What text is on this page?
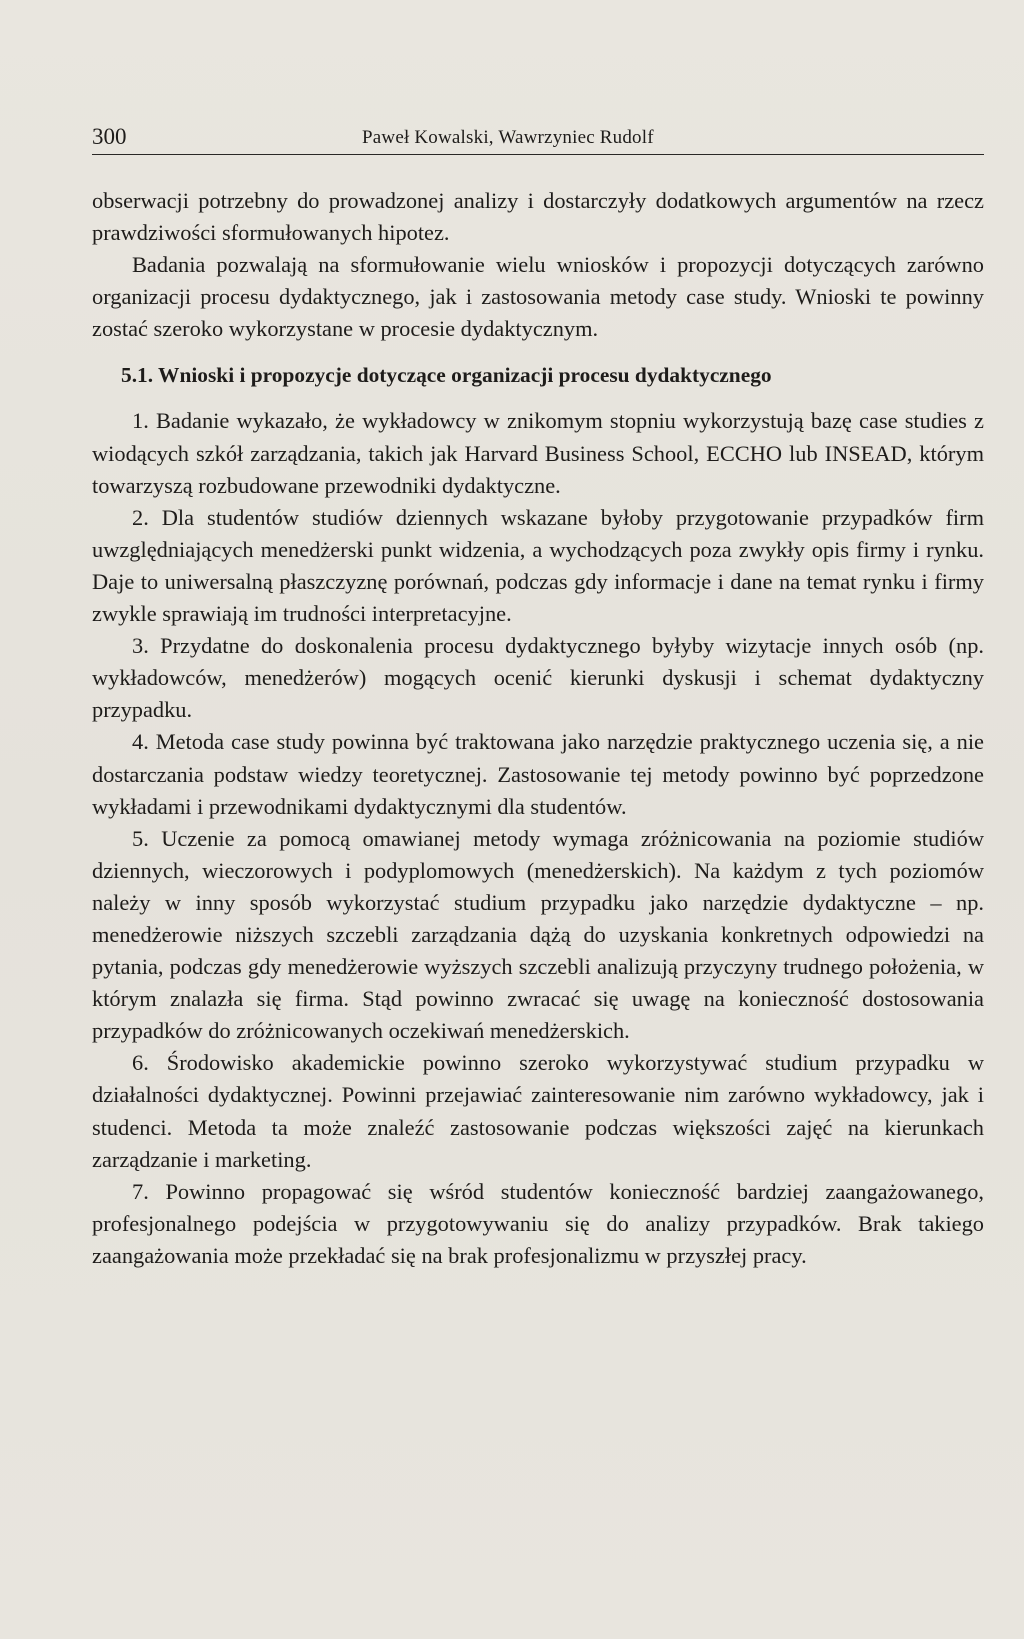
300	Paweł Kowalski, Wawrzyniec Rudolf

obserwacji potrzebny do prowadzonej analizy i dostarczyły dodatkowych argumentów na rzecz prawdziwości sformułowanych hipotez.

Badania pozwalają na sformułowanie wielu wniosków i propozycji dotyczących zarówno organizacji procesu dydaktycznego, jak i zastosowania metody case study. Wnioski te powinny zostać szeroko wykorzystane w procesie dydaktycznym.

5.1. Wnioski i propozycje dotyczące organizacji procesu dydaktycznego

1. Badanie wykazało, że wykładowcy w znikomym stopniu wykorzystują bazę case studies z wiodących szkół zarządzania, takich jak Harvard Business School, ECCHO lub INSEAD, którym towarzyszą rozbudowane przewodniki dydaktyczne.

2. Dla studentów studiów dziennych wskazane byłoby przygotowanie przypadków firm uwzględniających menedżerski punkt widzenia, a wychodzących poza zwykły opis firmy i rynku. Daje to uniwersalną płaszczyznę porównań, podczas gdy informacje i dane na temat rynku i firmy zwykle sprawiają im trudności interpretacyjne.

3. Przydatne do doskonalenia procesu dydaktycznego byłyby wizytacje innych osób (np. wykładowców, menedżerów) mogących ocenić kierunki dyskusji i schemat dydaktyczny przypadku.

4. Metoda case study powinna być traktowana jako narzędzie praktycznego uczenia się, a nie dostarczania podstaw wiedzy teoretycznej. Zastosowanie tej metody powinno być poprzedzone wykładami i przewodnikami dydaktycznymi dla studentów.

5. Uczenie za pomocą omawianej metody wymaga zróżnicowania na poziomie studiów dziennych, wieczorowych i podyplomowych (menedżerskich). Na każdym z tych poziomów należy w inny sposób wykorzystać studium przypadku jako narzędzie dydaktyczne – np. menedżerowie niższych szczebli zarządzania dążą do uzyskania konkretnych odpowiedzi na pytania, podczas gdy menedżerowie wyższych szczebli analizują przyczyny trudnego położenia, w którym znalazła się firma. Stąd powinno zwracać się uwagę na konieczność dostosowania przypadków do zróżnicowanych oczekiwań menedżerskich.

6. Środowisko akademickie powinno szeroko wykorzystywać studium przypadku w działalności dydaktycznej. Powinni przejawiać zainteresowanie nim zarówno wykładowcy, jak i studenci. Metoda ta może znaleźć zastosowanie podczas większości zajęć na kierunkach zarządzanie i marketing.

7. Powinno propagować się wśród studentów konieczność bardziej zaangażowanego, profesjonalnego podejścia w przygotowywaniu się do analizy przypadków. Brak takiego zaangażowania może przekładać się na brak profesjonalizmu w przyszłej pracy.
